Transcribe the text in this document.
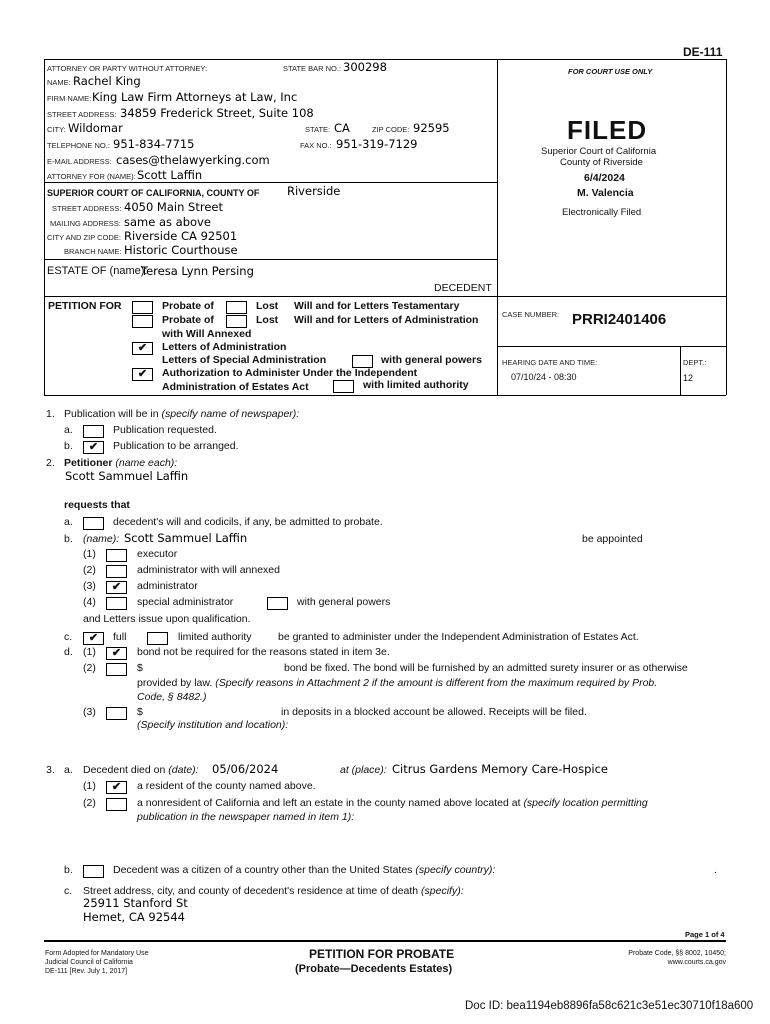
DE-111
ATTORNEY OR PARTY WITHOUT ATTORNEY:	STATE BAR NO.: 300298
NAME: Rachel King
FIRM NAME: King Law Firm Attorneys at Law, Inc
STREET ADDRESS: 34859 Frederick Street, Suite 108
CITY: Wildomar	STATE: CA	ZIP CODE: 92595
TELEPHONE NO.: 951-834-7715	FAX NO.: 951-319-7129
E-MAIL ADDRESS: cases@thelawyerking.com
ATTORNEY FOR (NAME): Scott Laffin
SUPERIOR COURT OF CALIFORNIA, COUNTY OF Riverside
STREET ADDRESS: 4050 Main Street
MAILING ADDRESS: same as above
CITY AND ZIP CODE: Riverside CA 92501
BRANCH NAME: Historic Courthouse
ESTATE OF (name):
Teresa Lynn Persing
DECEDENT
PETITION FOR	Probate of	Lost Will and for Letters Testamentary
Probate of	Lost Will and for Letters of Administration
with Will Annexed
✔	Letters of Administration
Letters of Special Administration	with general powers
✔	Authorization to Administer Under the Independent
Administration of Estates Act	with limited authority
FOR COURT USE ONLY
FILED
Superior Court of California
County of Riverside
6/4/2024
M. Valencia
Electronically Filed
CASE NUMBER: PRRI2401406
HEARING DATE AND TIME:
07/10/24 - 08:30
DEPT.:
12
1. Publication will be in (specify name of newspaper):
a.	Publication requested.
b.	✔	Publication to be arranged.
2. Petitioner (name each):
Scott Sammuel Laffin
requests that
a.	decedent's will and codicils, if any, be admitted to probate.
b. (name): Scott Sammuel Laffin	be appointed
(1)	executor
(2)	administrator with will annexed
(3)	✔	administrator
(4)	special administrator	with general powers
and Letters issue upon qualification.
c.	✔	full	limited authority	be granted to administer under the Independent Administration of Estates Act.
d. (1)	✔	bond not be required for the reasons stated in item 3e.
(2)	$	bond be fixed. The bond will be furnished by an admitted surety insurer or as otherwise
provided by law. (Specify reasons in Attachment 2 if the amount is different from the maximum required by Prob.
Code, § 8482.)
(3)	$	in deposits in a blocked account be allowed. Receipts will be filed.
(Specify institution and location):
3. a. Decedent died on (date): 05/06/2024	at (place): Citrus Gardens Memory Care-Hospice
(1)	✔	a resident of the county named above.
(2)	a nonresident of California and left an estate in the county named above located at (specify location permitting
publication in the newspaper named in item 1):
b.	Decedent was a citizen of a country other than the United States (specify country):	.
c. Street address, city, and county of decedent's residence at time of death (specify):
25911 Stanford St
Hemet, CA 92544
Page 1 of 4
Form Adopted for Mandatory Use
Judicial Council of California
DE-111 [Rev. July 1, 2017]
PETITION FOR PROBATE
(Probate—Decedents Estates)
Probate Code, §§ 8002, 10450;
www.courts.ca.gov
Doc ID: bea1194eb8896fa58c621c3e51ec30710f18a600
